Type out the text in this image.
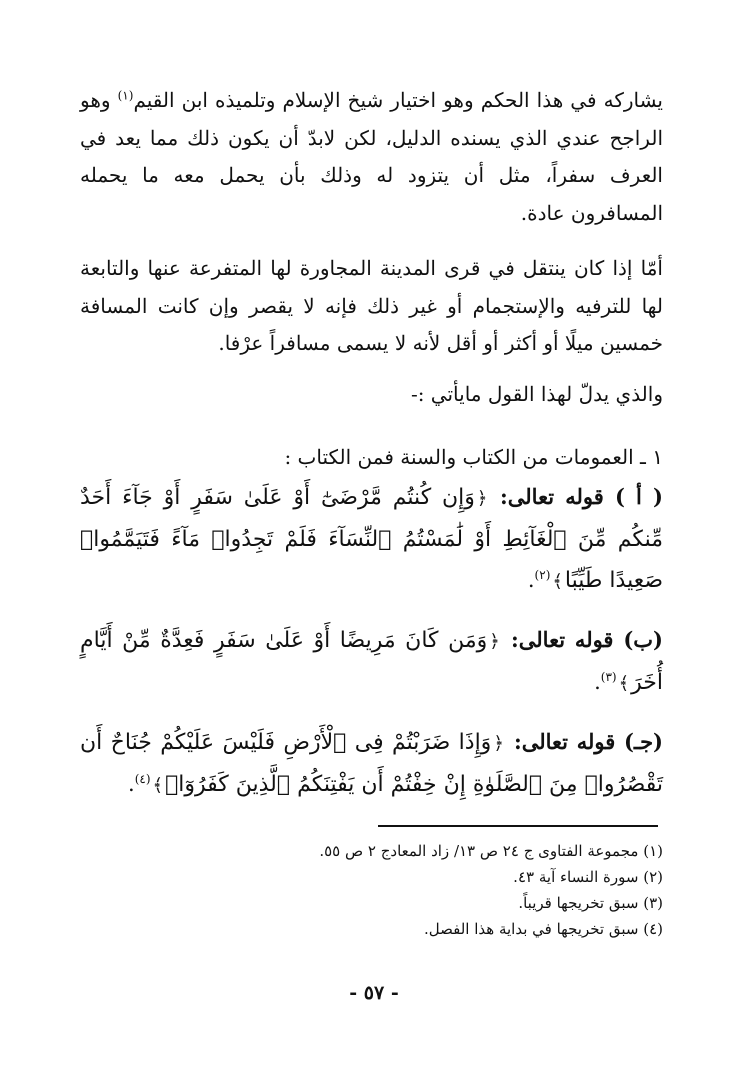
يشاركه في هذا الحكم وهو اختيار شيخ الإسلام وتلميذه ابن القيم$^{(١)}$ وهو الراجح عندي الذي يسنده الدليل، لكن لابدّ أن يكون ذلك مما يعد في العرف سفراً، مثل أن يتزود له وذلك بأن يحمل معه ما يحمله المسافرون عادة.
أمّا إذا كان ينتقل في قرى المدينة المجاورة لها المتفرعة عنها والتابعة لها للترفيه والإستجمام أو غير ذلك فإنه لا يقصر وإن كانت المسافة خمسين ميلًا أو أكثر أو أقل لأنه لا يسمى مسافراً عرْفا.
والذي يدلّ لهذا القول مايأتي :-
١ ـ العمومات من الكتاب والسنة فمن الكتاب :
( أ ) قوله تعالى: ﴿وَإِن كُنتُم مَّرْضَىٰٓ أَوْ عَلَىٰ سَفَرٍ أَوْ جَآءَ أَحَدٌ مِّنكُم مِّنَ ٱلْغَآئِطِ أَوْ لَٰمَسْتُمُ ٱلنِّسَآءَ فَلَمْ تَجِدُوا۟ مَآءً فَتَيَمَّمُوا۟ صَعِيدًا طَيِّبًا﴾$^{(٢)}$.
(ب) قوله تعالى: ﴿وَمَن كَانَ مَرِيضًا أَوْ عَلَىٰ سَفَرٍ فَعِدَّةٌ مِّنْ أَيَّامٍ أُخَرَ﴾$^{(٣)}$.
(جـ) قوله تعالى: ﴿وَإِذَا ضَرَبْتُمْ فِى ٱلْأَرْضِ فَلَيْسَ عَلَيْكُمْ جُنَاحٌ أَن تَقْصُرُوا۟ مِنَ ٱلصَّلَوٰةِ إِنْ خِفْتُمْ أَن يَفْتِنَكُمُ ٱلَّذِينَ كَفَرُوٓا۟﴾$^{(٤)}$.
(١) مجموعة الفتاوى ج ٢٤ ص ١٣/ زاد المعادج ٢ ص ٥٥.
(٢) سورة النساء آية ٤٣.
(٣) سبق تخريجها قريباً.
(٤) سبق تخريجها في بداية هذا الفصل.
- ٥٧ -
